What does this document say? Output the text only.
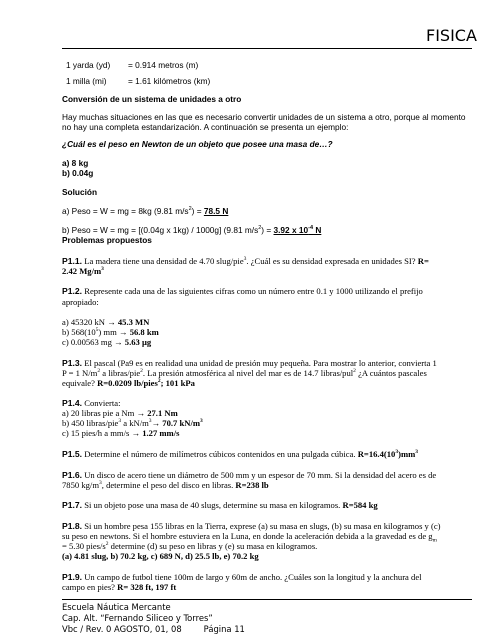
FISICA
1 yarda (yd) = 0.914 metros (m)
1 milla (mi)	= 1.61 kilómetros (km)
Conversión de un sistema de unidades a otro
Hay muchas situaciones en las que es necesario convertir unidades de un sistema a otro, porque al momento no hay una completa estandarización. A continuación se presenta un ejemplo:
¿Cuál es el peso en Newton de un objeto que posee una masa de…?
a) 8 kg
b) 0.04g
Solución
a) Peso = W = mg = 8kg (9.81 $m/s^2) = 78.5$ N
b) Peso = W = mg = [(0.04g x 1kg) / 1000g] (9.81 $m/s^2) = 3.92$ x $10^{-4}$ N
Problemas propuestos
P1.1. La madera tiene una densidad de 4.70 slug/pie$^3$. ¿Cuál es su densidad expresada en unidades SI? R=
2.42 $Mg/m^3$
P1.2. Represente cada una de las siguientes cifras como un número entre 0.1 y 1000 utilizando el prefijo
apropiado:
a) 45320 kN → 45.3 MN
b) $568(10^5)$ mm → 56.8 km
c) 0.00563 mg → 5.63 μg
P1.3. El pascal (Pa9 es en realidad una unidad de presión muy pequeña. Para mostrar lo anterior, convierta 1
P = 1 $N/m^2$ a libras/pie$^2$. La presión atmosférica al nivel del mar es de 14.7 libras/pul$^2$ ¿A cuántos pascales
equivale? R=0.0209 lb/pies$^2$; 101 kPa
P1.4. Convierta:
a) 20 libras pie a Nm → 27.1 Nm
b) 450 libras/pie$^3$ a $kN/m^3\to 70.7$ $kN/m^3$
c) 15 pies/h a mm/s → 1.27 mm/s
P1.5. Determine el número de milímetros cúbicos contenidos en una pulgada cúbica. $R=16.4(10^3)mm^3$
P1.6. Un disco de acero tiene un diámetro de 500 mm y un espesor de 70 mm. Si la densidad del acero es de
7850 $kg/m^3$, determine el peso del disco en libras. R=238 lb
P1.7. Si un objeto pose una masa de 40 slugs, determine su masa en kilogramos. R=584 kg
P1.8. Si un hombre pesa 155 libras en la Tierra, exprese (a) su masa en slugs, (b) su masa en kilogramos y (c)
su peso en newtons. Si el hombre estuviera en la Luna, en donde la aceleración debida a la gravedad es de $g_m$
= 5.30 pies/$s^2$ determine (d) su peso en libras y (e) su masa en kilogramos.
(a) 4.81 slug, b) 70.2 kg, c) 689 N, d) 25.5 lb, e) 70.2 kg
P1.9. Un campo de futbol tiene 100m de largo y 60m de ancho. ¿Cuáles son la longitud y la anchura del
campo en pies? R= 328 ft, 197 ft
Escuela Náutica Mercante
Cap. Alt. “Fernando Siliceo y Torres”
Vbc / Rev. 0 AGOSTO, 01, 08	Página 11
